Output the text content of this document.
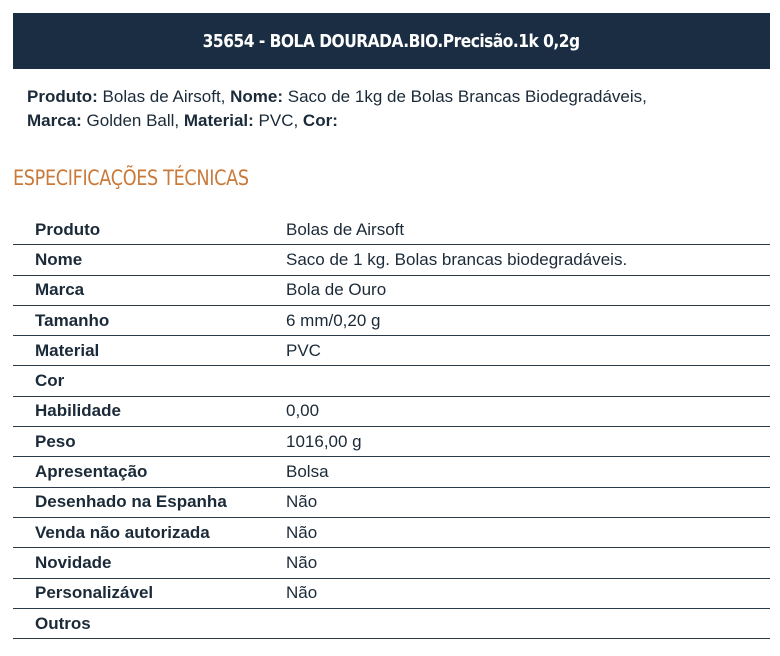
35654 - BOLA DOURADA.BIO.Precisão.1k 0,2g
Produto: Bolas de Airsoft, Nome: Saco de 1kg de Bolas Brancas Biodegradáveis,
Marca: Golden Ball, Material: PVC, Cor:
ESPECIFICAÇÕES TÉCNICAS
Produto	Bolas de Airsoft
Nome	Saco de 1 kg. Bolas brancas biodegradáveis.
Marca	Bola de Ouro
Tamanho	6 mm/0,20 g
Material	PVC
Cor	
Habilidade	0,00
Peso	1016,00 g
Apresentação	Bolsa
Desenhado na Espanha	Não
Venda não autorizada	Não
Novidade	Não
Personalizável	Não
Outros	
